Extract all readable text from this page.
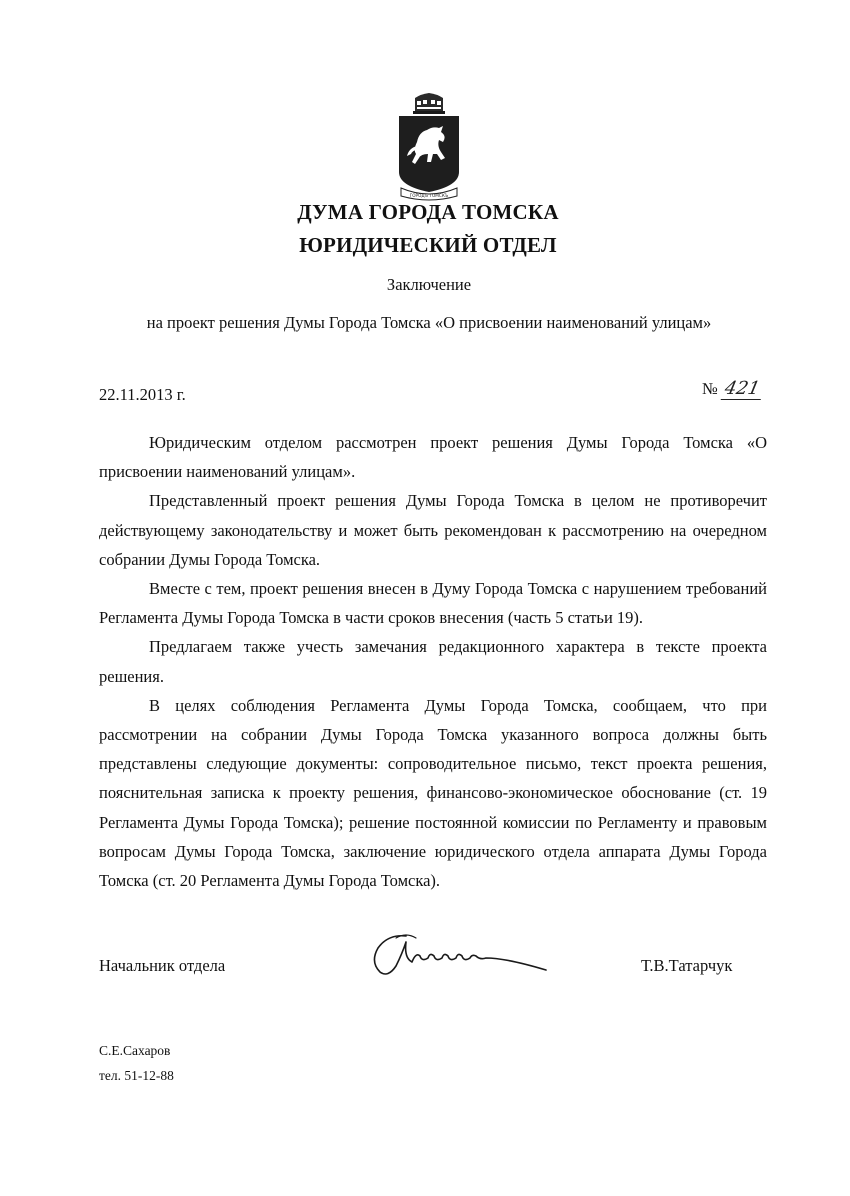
ГОРОДЪ ТОМСКЪ
ДУМА ГОРОДА ТОМСКА
ЮРИДИЧЕСКИЙ ОТДЕЛ

Заключение

на проект решения Думы Города Томска «О присвоении наименований улицам»

22.11.2013 г.	№ 421

Юридическим отделом рассмотрен проект решения Думы Города Томска «О присвоении наименований улицам».

Представленный проект решения Думы Города Томска в целом не противоречит действующему законодательству и может быть рекомендован к рассмотрению на очередном собрании Думы Города Томска.

Вместе с тем, проект решения внесен в Думу Города Томска с нарушением требований Регламента Думы Города Томска в части сроков внесения (часть 5 статьи 19).

Предлагаем также учесть замечания редакционного характера в тексте проекта решения.

В целях соблюдения Регламента Думы Города Томска, сообщаем, что при рассмотрении на собрании Думы Города Томска указанного вопроса должны быть представлены следующие документы: сопроводительное письмо, текст проекта решения, пояснительная записка к проекту решения, финансово-экономическое обоснование (ст. 19 Регламента Думы Города Томска); решение постоянной комиссии по Регламенту и правовым вопросам Думы Города Томска, заключение юридического отдела аппарата Думы Города Томска (ст. 20 Регламента Думы Города Томска).

Начальник отдела	Т.В.Татарчук

С.Е.Сахаров
тел. 51-12-88
